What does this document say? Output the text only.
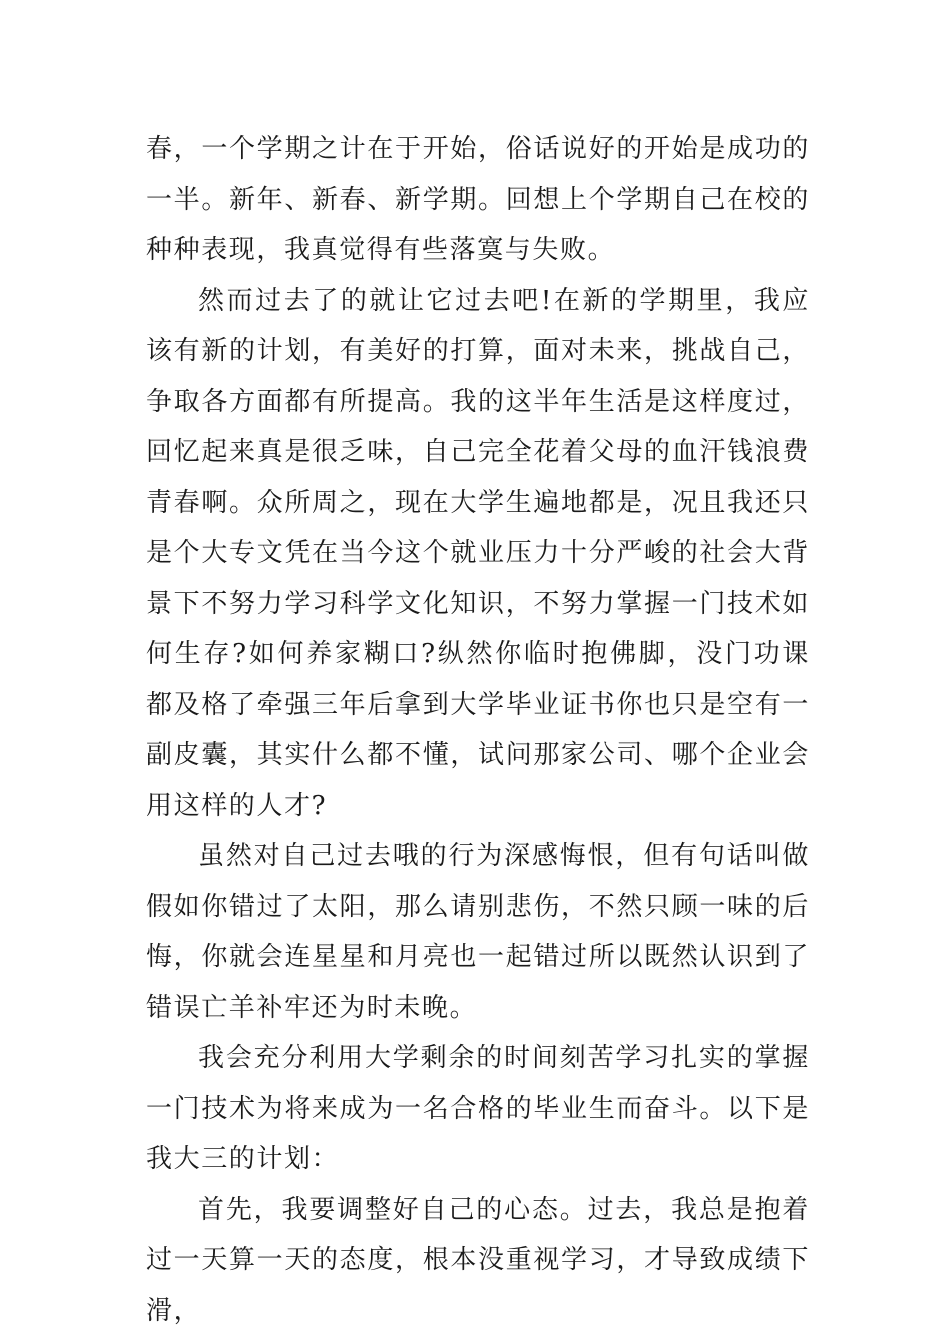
春，一个学期之计在于开始，俗话说好的开始是成功的一半。新年、新春、新学期。回想上个学期自己在校的种种表现，我真觉得有些落寞与失败。

然而过去了的就让它过去吧!在新的学期里，我应该有新的计划，有美好的打算，面对未来，挑战自己，争取各方面都有所提高。我的这半年生活是这样度过，回忆起来真是很乏味，自己完全花着父母的血汗钱浪费青春啊。众所周之，现在大学生遍地都是，况且我还只是个大专文凭在当今这个就业压力十分严峻的社会大背景下不努力学习科学文化知识，不努力掌握一门技术如何生存?如何养家糊口?纵然你临时抱佛脚，没门功课都及格了牵强三年后拿到大学毕业证书你也只是空有一副皮囊，其实什么都不懂，试问那家公司、哪个企业会用这样的人才?

虽然对自己过去哦的行为深感悔恨，但有句话叫做假如你错过了太阳，那么请别悲伤，不然只顾一味的后悔，你就会连星星和月亮也一起错过所以既然认识到了错误亡羊补牢还为时未晚。

我会充分利用大学剩余的时间刻苦学习扎实的掌握一门技术为将来成为一名合格的毕业生而奋斗。以下是我大三的计划：

首先，我要调整好自己的心态。过去，我总是抱着过一天算一天的态度，根本没重视学习，才导致成绩下滑，
